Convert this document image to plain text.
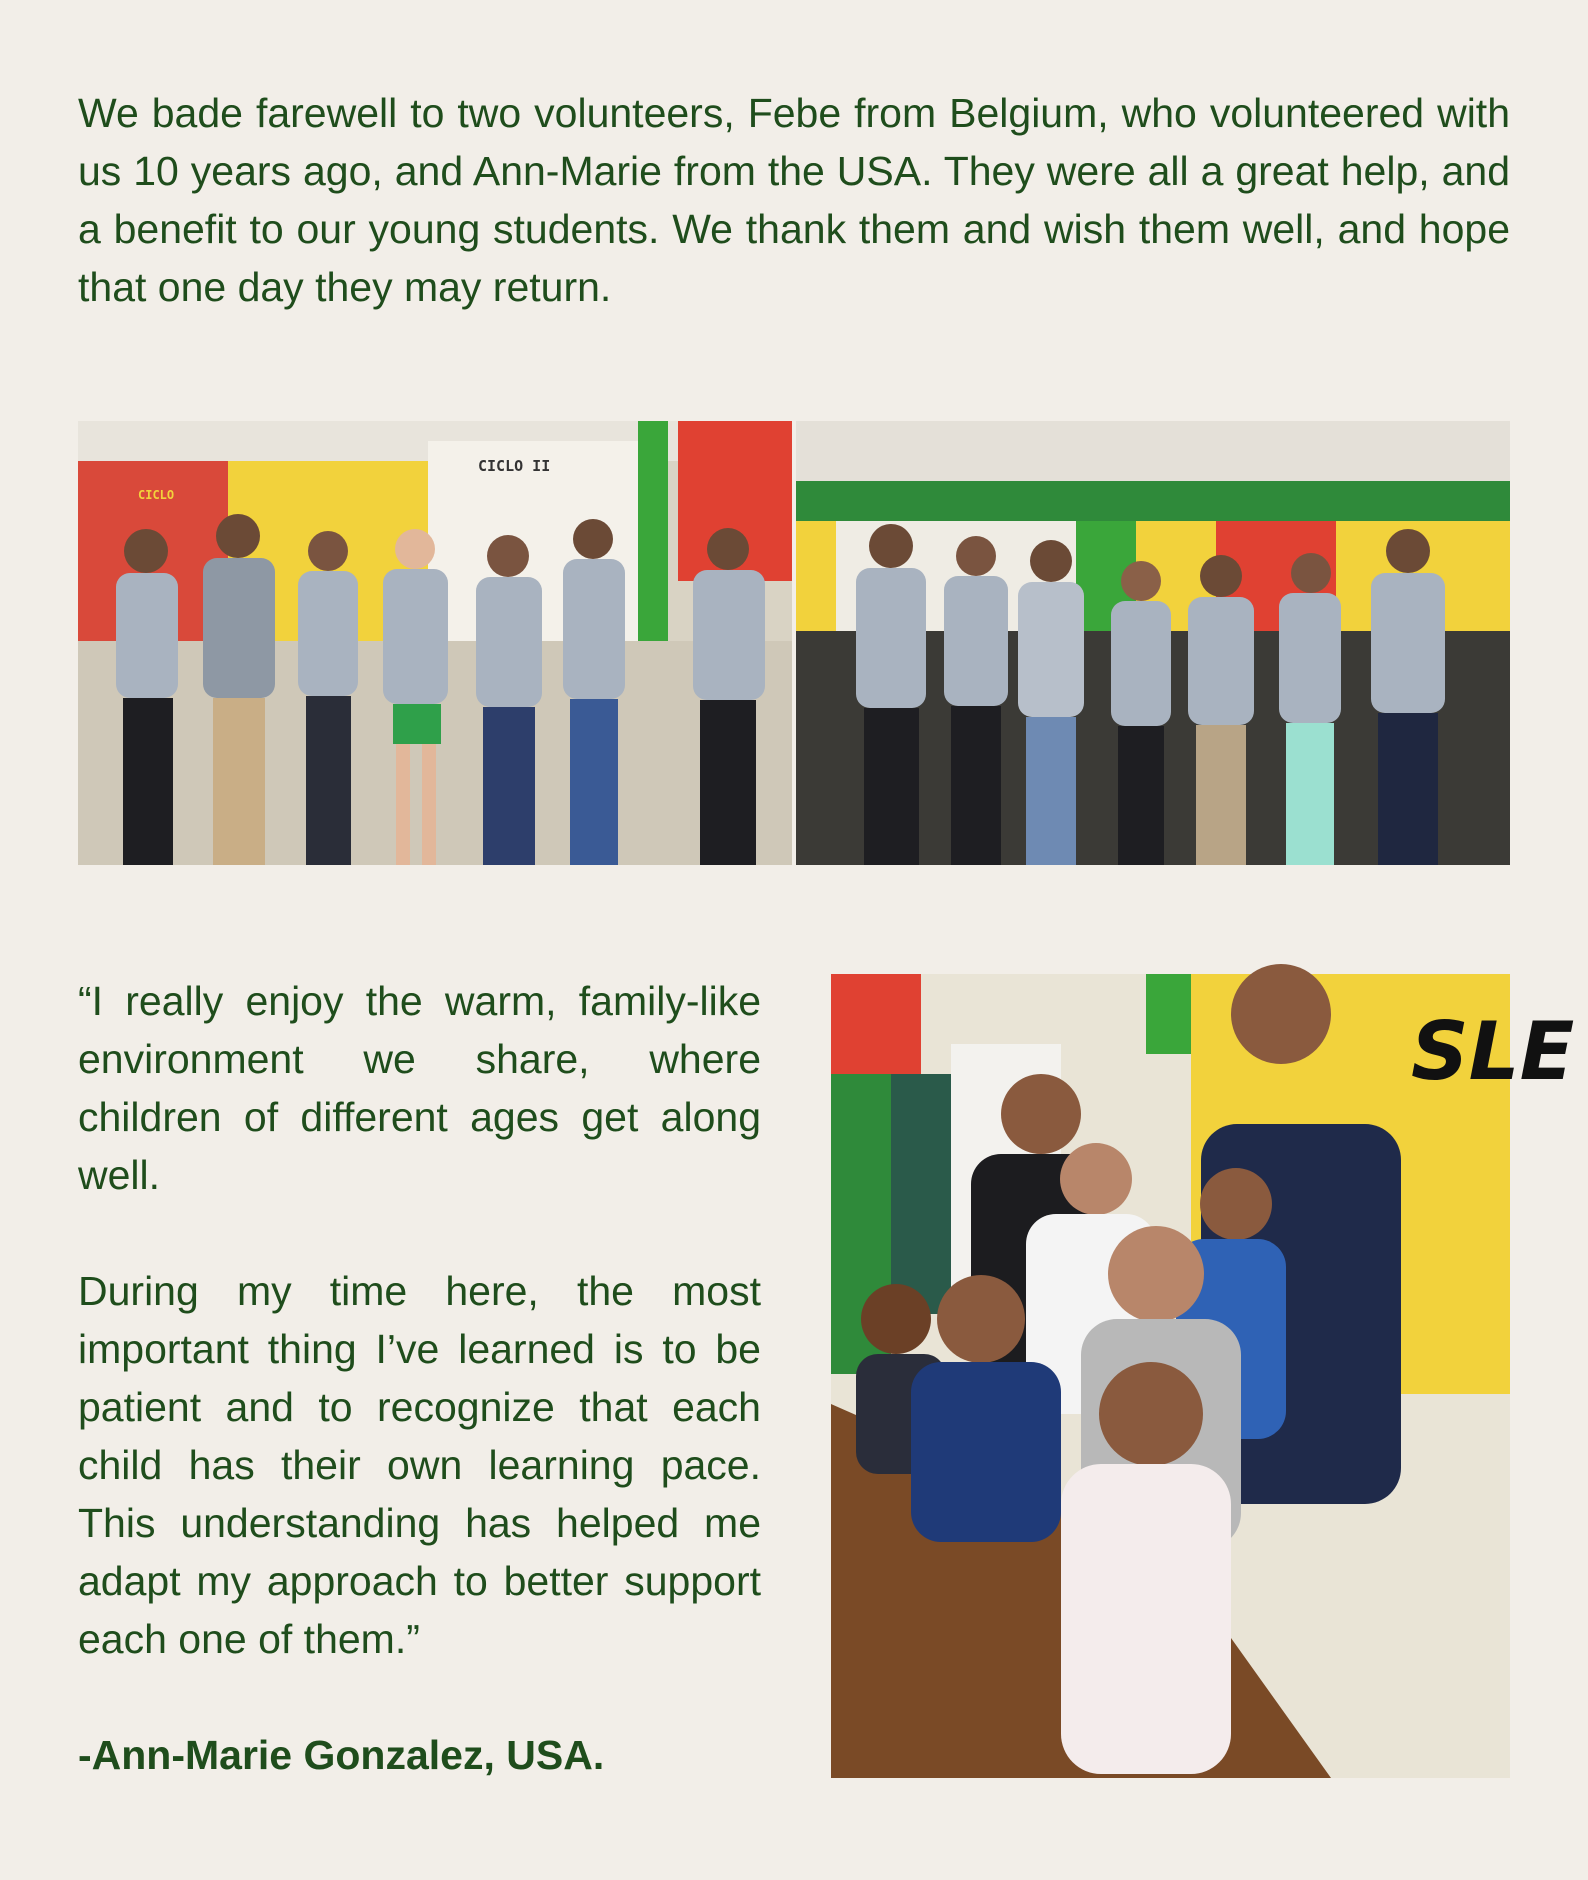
We bade farewell to two volunteers, Febe from Belgium, who volunteered with us 10 years ago, and Ann-Marie from the USA. They were all a great help, and a benefit to our young students. We thank them and wish them well, and hope that one day they may return.

CICLO II
CICLO

“I really enjoy the warm, family-like environment we share, where children of different ages get along well.

During my time here, the most important thing I’ve learned is to be patient and to recognize that each child has their own learning pace. This understanding has helped me adapt my approach to better support each one of them.”

-Ann-Marie Gonzalez, USA.

SLE
